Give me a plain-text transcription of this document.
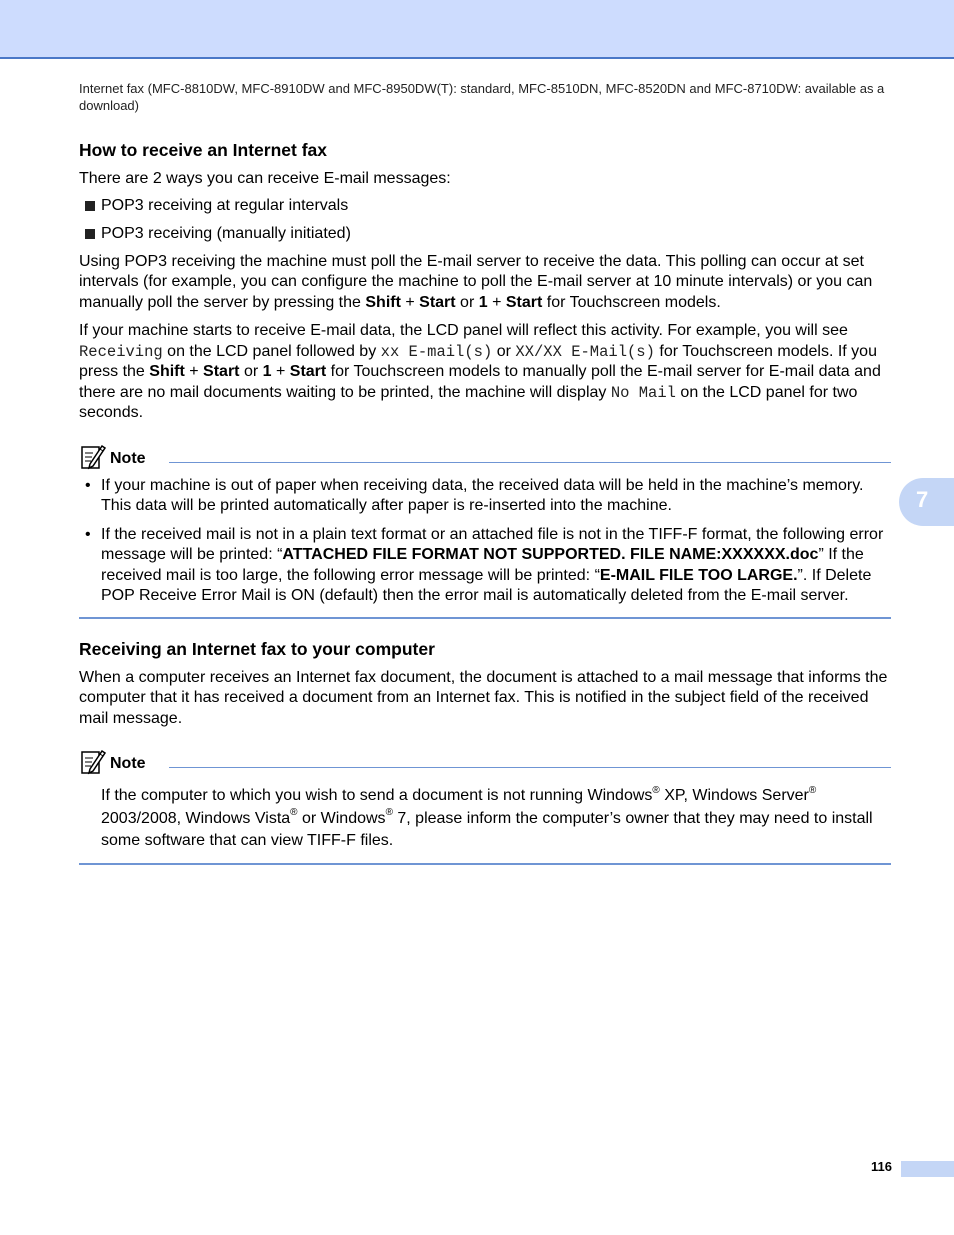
Internet fax (MFC-8810DW, MFC-8910DW and MFC-8950DW(T): standard, MFC-8510DN, MFC-8520DN and MFC-8710DW: available as a download)

How to receive an Internet fax

There are 2 ways you can receive E-mail messages:

POP3 receiving at regular intervals
POP3 receiving (manually initiated)

Using POP3 receiving the machine must poll the E-mail server to receive the data. This polling can occur at set intervals (for example, you can configure the machine to poll the E-mail server at 10 minute intervals) or you can manually poll the server by pressing the Shift + Start or 1 + Start for Touchscreen models.

If your machine starts to receive E-mail data, the LCD panel will reflect this activity. For example, you will see Receiving on the LCD panel followed by xx E-mail(s) or XX/XX E-Mail(s) for Touchscreen models. If you press the Shift + Start or 1 + Start for Touchscreen models to manually poll the E-mail server for E-mail data and there are no mail documents waiting to be printed, the machine will display No Mail on the LCD panel for two seconds.

Note
• If your machine is out of paper when receiving data, the received data will be held in the machine’s memory. This data will be printed automatically after paper is re-inserted into the machine.
• If the received mail is not in a plain text format or an attached file is not in the TIFF-F format, the following error message will be printed: “ATTACHED FILE FORMAT NOT SUPPORTED. FILE NAME:XXXXXX.doc” If the received mail is too large, the following error message will be printed: “E-MAIL FILE TOO LARGE.”. If Delete POP Receive Error Mail is ON (default) then the error mail is automatically deleted from the E-mail server.
Receiving an Internet fax to your computer

When a computer receives an Internet fax document, the document is attached to a mail message that informs the computer that it has received a document from an Internet fax. This is notified in the subject field of the received mail message.

Note

If the computer to which you wish to send a document is not running Windows® XP, Windows Server® 2003/2008, Windows Vista® or Windows® 7, please inform the computer’s owner that they may need to install some software that can view TIFF-F files.

7
116
